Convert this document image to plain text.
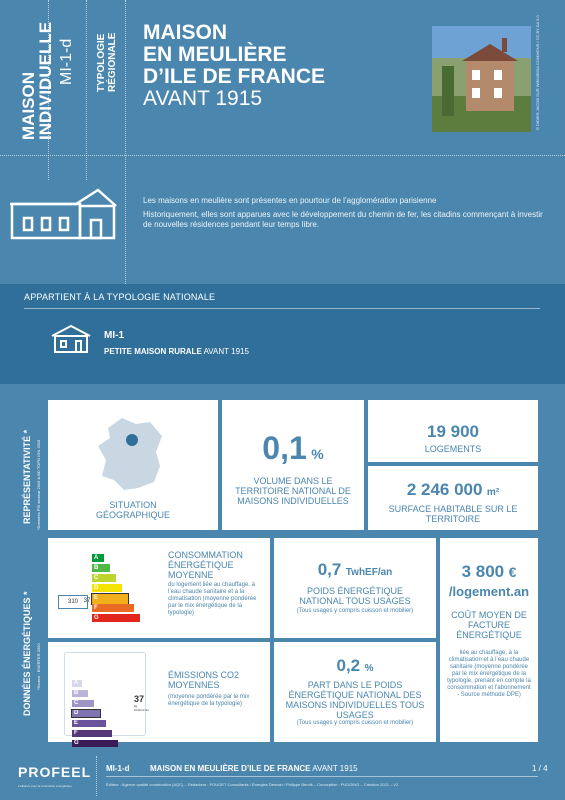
MAISON
INDIVIDUELLE MI-1-d TYPOLOGIE RÉGIONALE
MAISON
EN MEULIÈRE
D’ILE DE FRANCE
AVANT 1915	© DIDIER JACOB SUR WIKIMEDIA COMMONS / CC BY-SA 3.0

Les maisons en meulière sont présentes en pourtour de l’agglomération parisienne

Historiquement, elles sont apparues avec le développement du chemin de fer, les citadins commençant à investir de nouvelles résidences pendant leur temps libre.

APPARTIENT À LA TYPOLOGIE NATIONALE
MI-1
PETITE MAISON RURALE AVANT 1915
REPRÉSENTATIVITÉ * *Données PSI secteur 2019 & BD TOPO IGN 2019	SITUATION
GÉOGRAPHIQUE
0,1 %
VOLUME DANS LE TERRITOIRE NATIONAL DE MAISONS INDIVIDUELLES
19 900
LOGEMENTS
2 246 000 m²
SURFACE HABITABLE SUR LE TERRITOIRE
DONNÉES ÉNERGÉTIQUES * *Source : ENERTER 2020
A
B
C
D
E
F
G
310 37
CONSOMMATION ÉNERGÉTIQUE MOYENNE
du logement liée au chauffage, à l’eau chaude sanitaire et à la climatisation (moyenne pondérée par le mix énergétique de la typologie)
A
B
C
D
E
F
G
37
kg CO2/m².an
ÉMISSIONS CO2 MOYENNES
(moyenne pondérée par le mix énergétique de la typologie)
0,7 TwhEF/an
POIDS ÉNERGÉTIQUE NATIONAL TOUS USAGES
(Tous usages y compris cuisson et mobilier)
0,2 %
PART DANS LE POIDS ÉNERGÉTIQUE NATIONAL DES MAISONS INDIVIDUELLES TOUS USAGES
(Tous usages y compris cuisson et mobilier)
3 800 €
/logement.an
COÛT MOYEN DE FACTURE ÉNERGÉTIQUE
liée au chauffage, à la climatisation et à l’eau chaude sanitaire (moyenne pondérée par le mix énergétique de la typologie, prenant en compte la consommation et l’abonnement - Source méthode DPE)
PROFEEL
L’alliance pour la rénovation énergétique
MI-1-d	MAISON EN MEULIÈRE D’ILE DE FRANCE AVANT 1915	1 / 4
Éditeur : Agence qualité construction (AQC) – Rédacteur : POUGET Consultants / Énergies Demain / Philippe Bernik – Conception : PUDOING – Création 2021 – V2
